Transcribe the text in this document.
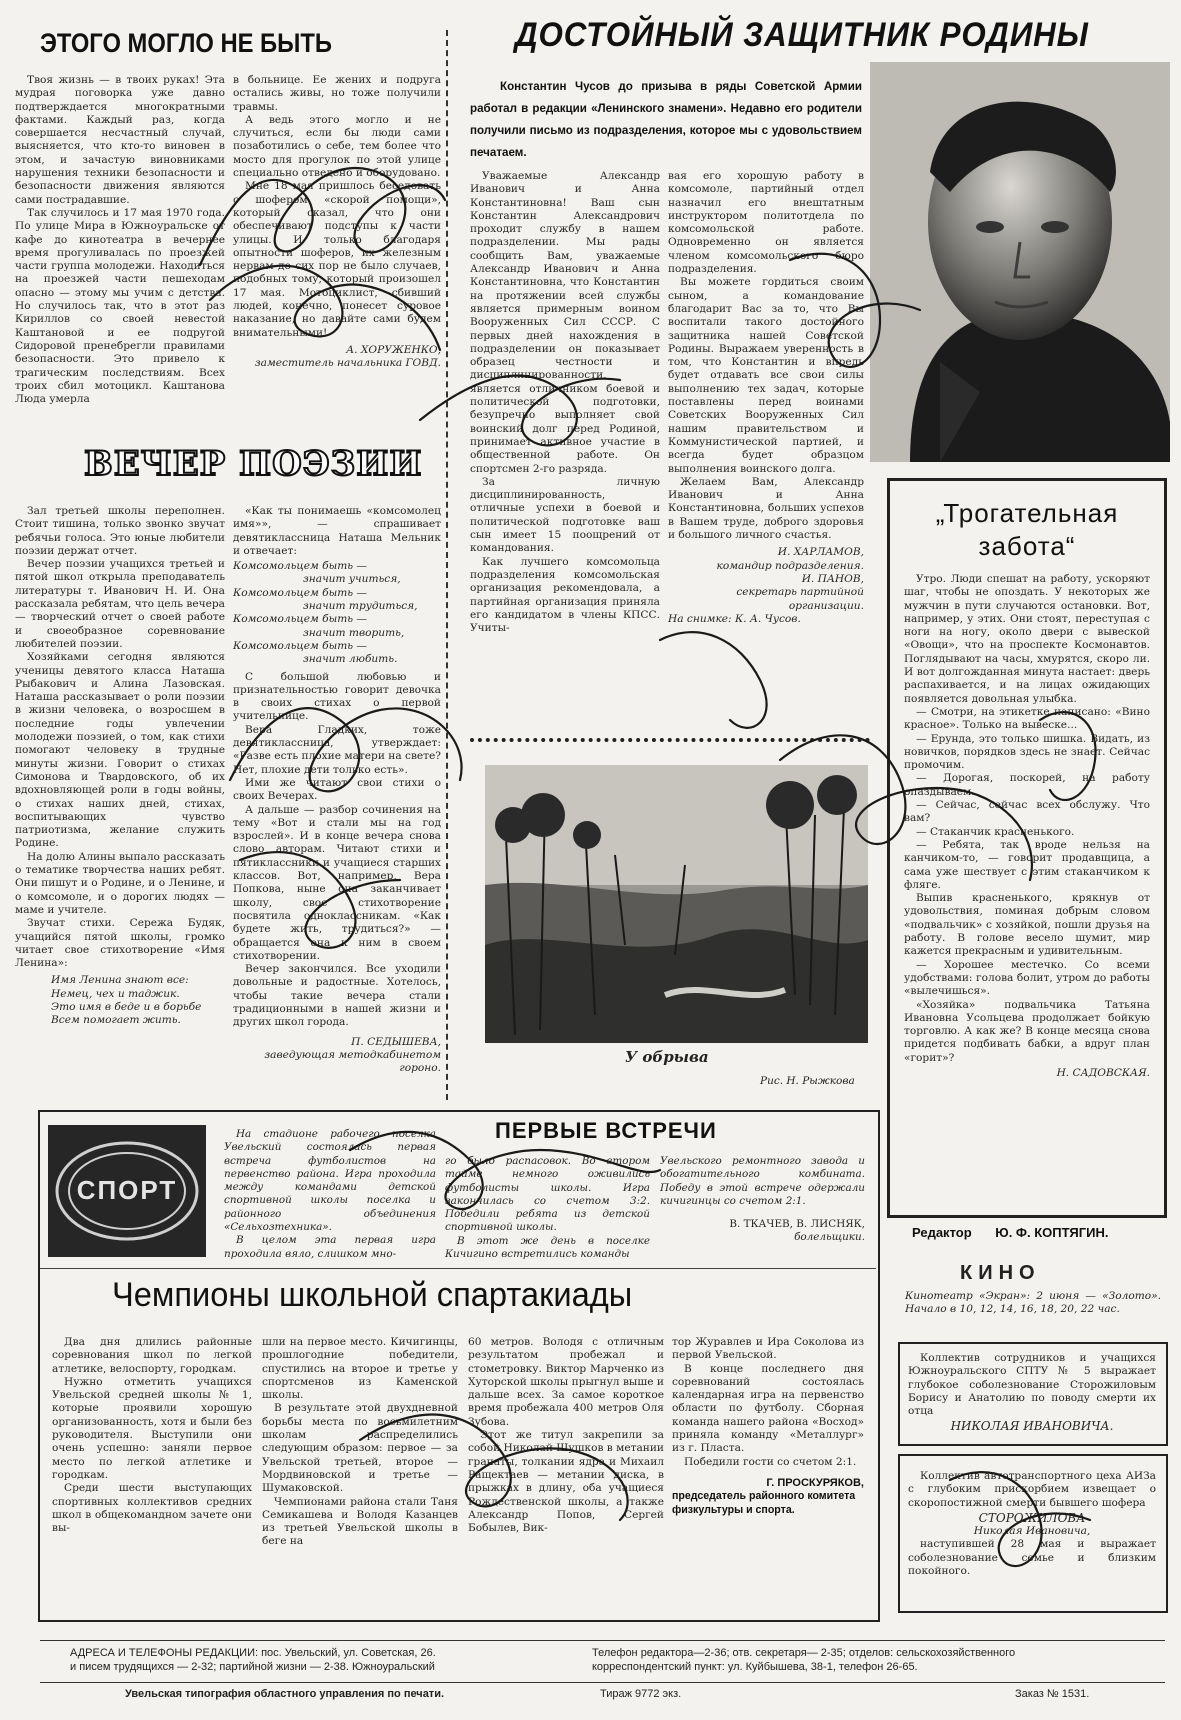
ЭТОГО МОГЛО НЕ БЫТЬ

Твоя жизнь — в твоих руках! Эта мудрая поговорка уже давно подтверждается многократными фактами. Каждый раз, когда совершается несчастный случай, выясняется, что кто-то виновен в этом, и зачастую виновниками нарушения техники безопасности и безопасности движения являются сами пострадавшие.

Так случилось и 17 мая 1970 года. По улице Мира в Южноуральске от кафе до кинотеатра в вечернее время прогуливалась по проезжей части группа молодежи. Находиться на проезжей части пешеходам опасно — этому мы учим с детства. Но случилось так, что в этот раз Кириллов со своей невестой Каштановой и ее подругой Сидоровой пренебрегли правилами безопасности. Это привело к трагическим последствиям. Всех троих сбил мотоцикл. Каштанова Люда умерла

в больнице. Ее жених и подруга остались живы, но тоже получили травмы.

А ведь этого могло и не случиться, если бы люди сами позаботились о себе, тем более что мосто для прогулок по этой улице специально отведено и оборудовано.

Мне 18 мая пришлось беседовать с шофером «скорой помощи», который сказал, что они обеспечивают подступы к части улицы. И только благодаря опытности шоферов, их железным нервам до сих пор не было случаев, подобных тому, который произошел 17 мая. Мотоциклист, сбивший людей, конечно, понесет суровое наказание, но давайте сами будем внимательными!

А. ХОРУЖЕНКО,
заместитель начальника ГОВД.
ВЕЧЕР ПОЭЗИИ

Зал третьей школы переполнен. Стоит тишина, только звонко звучат ребячьи голоса. Это юные любители поэзии держат отчет.

Вечер поэзии учащихся третьей и пятой школ открыла преподаватель литературы т. Иванович Н. И. Она рассказала ребятам, что цель вечера — творческий отчет о своей работе и своеобразное соревнование любителей поэзии.

Хозяйками сегодня являются ученицы девятого класса Наташа Рыбакович и Алина Лазовская. Наташа рассказывает о роли поэзии в жизни человека, о возросшем в последние годы увлечении молодежи поэзией, о том, как стихи помогают человеку в трудные минуты жизни. Говорит о стихах Симонова и Твардовского, об их вдохновляющей роли в годы войны, о стихах наших дней, стихах, воспитывающих чувство патриотизма, желание служить Родине.

На долю Алины выпало рассказать о тематике творчества наших ребят. Они пишут и о Родине, и о Ленине, и о комсомоле, и о дорогих людях — маме и учителе.

Звучат стихи. Сережа Будяк, учащийся пятой школы, громко читает свое стихотворение «Имя Ленина»:

Имя Ленина знают все:
Немец, чех и таджик.
Это имя в беде и в борьбе
Всем помогает жить.

«Как ты понимаешь «комсомолец имя»», — спрашивает девятиклассница Наташа Мельник и отвечает:

Комсомольцем быть —
значит учиться,
Комсомольцем быть —
значит трудиться,
Комсомольцем быть —
значит творить,
Комсомольцем быть —
значит любить.

С большой любовью и признательностью говорит девочка в своих стихах о первой учительнице.

Вера Гладких, тоже девятиклассница, утверждает: «Разве есть плохие матери на свете? Нет, плохие дети только есть».

Ими же читают свои стихи о своих Вечерах.

А дальше — разбор сочинения на тему «Вот и стали мы на год взрослей». И в конце вечера снова слово авторам. Читают стихи и пятиклассники и учащиеся старших классов. Вот, например, Вера Попкова, ныне она заканчивает школу, свое стихотворение посвятила одноклассникам. «Как будете жить, трудиться?» — обращается она к ним в своем стихотворении.

Вечер закончился. Все уходили довольные и радостные. Хотелось, чтобы такие вечера стали традиционными в нашей жизни и других школ города.

П. СЕДЫШЕВА,
заведующая методкабинетом гороно.
ДОСТОЙНЫЙ ЗАЩИТНИК РОДИНЫ
Константин Чусов до призыва в ряды Советской Армии работал в редакции «Ленинского знамени». Недавно его родители получили письмо из подразделения, которое мы с удовольствием печатаем.

Уважаемые Александр Иванович и Анна Константиновна! Ваш сын Константин Александрович проходит службу в нашем подразделении. Мы рады сообщить Вам, уважаемые Александр Иванович и Анна Константиновна, что Константин на протяжении всей службы является примерным воином Вооруженных Сил СССР. С первых дней нахождения в подразделении он показывает образец честности и дисциплинированности, является отличником боевой и политической подготовки, безупречно выполняет свой воинский долг перед Родиной, принимает активное участие в общественной работе. Он спортсмен 2-го разряда.

За личную дисциплинированность, отличные успехи в боевой и политической подготовке ваш сын имеет 15 поощрений от командования.

Как лучшего комсомольца подразделения комсомольская организация рекомендовала, а партийная организация приняла его кандидатом в члены КПСС. Учиты-

вая его хорошую работу в комсомоле, партийный отдел назначил его внештатным инструктором политотдела по комсомольской работе. Одновременно он является членом комсомольского бюро подразделения.

Вы можете гордиться своим сыном, а командование благодарит Вас за то, что Вы воспитали такого достойного защитника нашей Советской Родины. Выражаем уверенность в том, что Константин и впредь будет отдавать все свои силы выполнению тех задач, которые поставлены перед воинами Советских Вооруженных Сил нашим правительством и Коммунистической партией, и всегда будет образцом выполнения воинского долга.

Желаем Вам, Александр Иванович и Анна Константиновна, больших успехов в Вашем труде, доброго здоровья и большого личного счастья.

И. ХАРЛАМОВ,
командир подразделения.
И. ПАНОВ,
секретарь партийной организации.
На снимке: К. А. Чусов.
У обрыва
Рис. Н. Рыжкова
„Трогательная забота“

Утро. Люди спешат на работу, ускоряют шаг, чтобы не опоздать. У некоторых же мужчин в пути случаются остановки. Вот, например, у этих. Они стоят, переступая с ноги на ногу, около двери с вывеской «Овощи», что на проспекте Космонавтов. Поглядывают на часы, хмурятся, скоро ли. И вот долгожданная минута настает: дверь распахивается, и на лицах ожидающих появляется довольная улыбка.

— Смотри, на этикетке написано: «Вино красное». Только на вывеске...

— Ерунда, это только шишка. Видать, из новичков, порядков здесь не знает. Сейчас промочим.

— Дорогая, поскорей, на работу опаздываем.

— Сейчас, сейчас всех обслужу. Что вам?

— Стаканчик красненького.

— Ребята, так вроде нельзя на канчиком-то, — говорит продавщица, а сама уже шествует с этим стаканчиком к фляге.

Выпив красненького, крякнув от удовольствия, поминая добрым словом «подвальчик» с хозяйкой, пошли друзья на работу. В голове весело шумит, мир кажется прекрасным и удивительным.

— Хорошее местечко. Со всеми удобствами: голова болит, утром до работы «вылечишься».

«Хозяйка» подвальчика Татьяна Ивановна Усольцева продолжает бойкую торговлю. А как же? В конце месяца снова придется подбивать бабки, а вдруг план «горит»?

Н. САДОВСКАЯ.
Редактор Ю. Ф. КОПТЯГИН.
СПОРТ
ПЕРВЫЕ ВСТРЕЧИ

На стадионе рабочего поселка Увельский состоялась первая встреча футболистов на первенство района. Игра проходила между командами детской спортивной школы поселка и районного объединения «Сельхозтехника».

В целом эта первая игра проходила вяло, слишком мно-

го было распасовок. Во втором тайме немного оживились футболисты школы. Игра закончилась со счетом 3:2. Победили ребята из детской спортивной школы.

В этот же день в поселке Кичигино встретились команды

Увельского ремонтного завода и обогатительного комбината. Победу в этой встрече одержали кичигинцы со счетом 2:1.

В. ТКАЧЕВ, В. ЛИСНЯК,
болельщики.
Чемпионы школьной спартакиады

Два дня длились районные соревнования школ по легкой атлетике, велоспорту, городкам.

Нужно отметить учащихся Увельской средней школы № 1, которые проявили хорошую организованность, хотя и были без руководителя. Выступили они очень успешно: заняли первое место по легкой атлетике и городкам.

Среди шести выступающих спортивных коллективов средних школ в общекомандном зачете они вы-

шли на первое место. Кичигинцы, прошлогодние победители, спустились на второе и третье у спортсменов из Каменской школы.

В результате этой двухдневной борьбы места по восьмилетним школам распределились следующим образом: первое — за Увельской третьей, второе — Мордвиновской и третье — Шумаковской.

Чемпионами района стали Таня Семикашева и Володя Казанцев из третьей Увельской школы в беге на

60 метров. Володя с отличным результатом пробежал и стометровку. Виктор Марченко из Хуторской школы прыгнул выше и дальше всех. За самое короткое время пробежала 400 метров Оля Зубова.

Этот же титул закрепили за собой Николай Шушков в метании гранаты, толкании ядра и Михаил Ращектаев — метании диска, в прыжках в длину, оба учащиеся Рождественской школы, а также Александр Попов, Сергей Бобылев, Вик-

тор Журавлев и Ира Соколова из первой Увельской.

В конце последнего дня соревнований состоялась календарная игра на первенство области по футболу. Сборная команда нашего района «Восход» приняла команду «Металлург» из г. Пласта.

Победили гости со счетом 2:1.

Г. ПРОСКУРЯКОВ,
председатель районного комитета физкультуры и спорта.
КИНО
Кинотеатр «Экран»: 2 июня — «Золото». Начало в 10, 12, 14, 16, 18, 20, 22 час.

Коллектив сотрудников и учащихся Южноуральского СПТУ № 5 выражает глубокое соболезнование Сторожиловым Борису и Анатолию по поводу смерти их отца

НИКОЛАЯ ИВАНОВИЧА.

Коллектив автотранспортного цеха АИЗа с глубоким прискорбием извещает о скоропостижной смерти бывшего шофера

СТОРОЖИЛОВА
Николая Ивановича,

наступившей 28 мая и выражает соболезнование семье и близким покойного.

АДРЕСА И ТЕЛЕФОНЫ РЕДАКЦИИ: пос. Увельский, ул. Советская, 26.
и писем трудящихся — 2-32; партийной жизни — 2-38. Южноуральский
Телефон редактора—2-36; отв. секретаря— 2-35; отделов: сельскохозяйственного
корреспондентский пункт: ул. Куйбышева, 38-1, телефон 26-65.
Увельская типография областного управления по печати.	Тираж 9772 экз.	Заказ № 1531.
